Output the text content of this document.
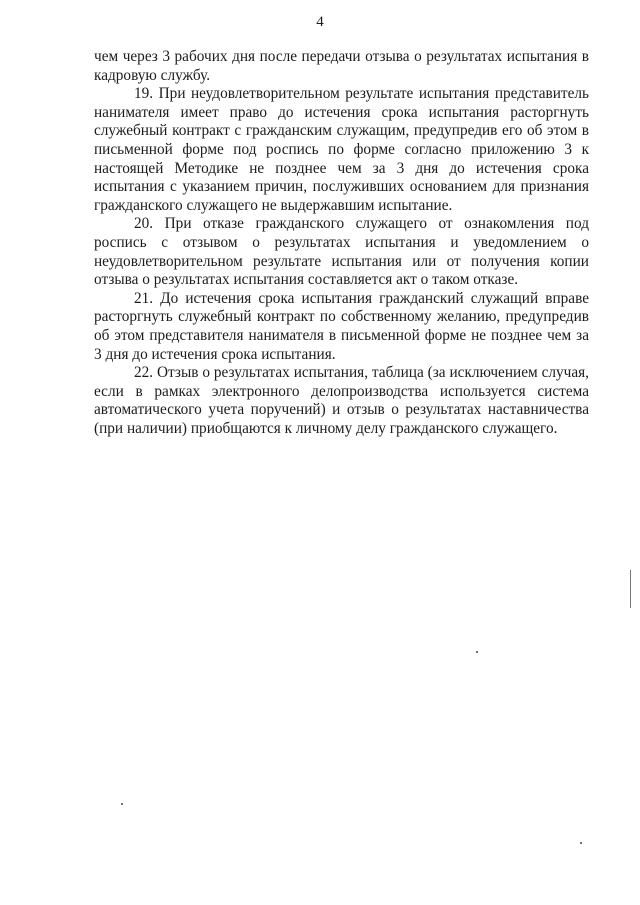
4

чем через 3 рабочих дня после передачи отзыва о результатах испытания в кадровую службу.

19. При неудовлетворительном результате испытания представитель нанимателя имеет право до истечения срока испытания расторгнуть служебный контракт с гражданским служащим, предупредив его об этом в письменной форме под роспись по форме согласно приложению 3 к настоящей Методике не позднее чем за 3 дня до истечения срока испытания с указанием причин, послуживших основанием для признания гражданского служащего не выдержавшим испытание.

20. При отказе гражданского служащего от ознакомления под роспись с отзывом о результатах испытания и уведомлением о неудовлетворительном результате испытания или от получения копии отзыва о результатах испытания составляется акт о таком отказе.

21. До истечения срока испытания гражданский служащий вправе расторгнуть служебный контракт по собственному желанию, предупредив об этом представителя нанимателя в письменной форме не позднее чем за 3 дня до истечения срока испытания.

22. Отзыв о результатах испытания, таблица (за исключением случая, если в рамках электронного делопроизводства используется система автоматического учета поручений) и отзыв о результатах наставничества (при наличии) приобщаются к личному делу гражданского служащего.
